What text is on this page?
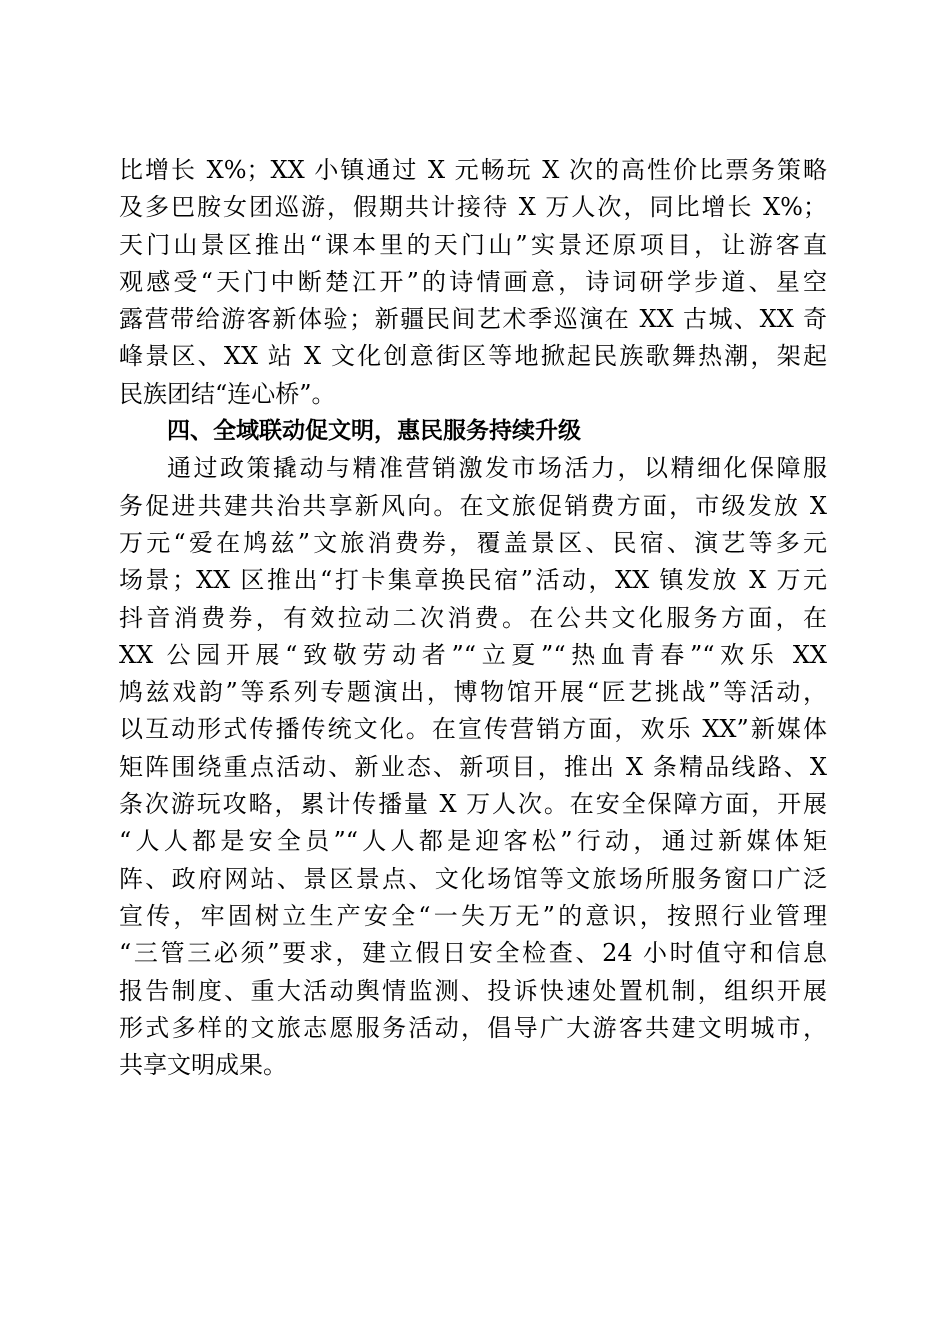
比增长 X%；XX 小镇通过 X 元畅玩 X 次的高性价比票务策略
及多巴胺女团巡游，假期共计接待 X 万人次，同比增长 X%；
天门山景区推出“课本里的天门山”实景还原项目，让游客直
观感受“天门中断楚江开”的诗情画意，诗词研学步道、星空
露营带给游客新体验；新疆民间艺术季巡演在 XX 古城、XX 奇
峰景区、XX 站 X 文化创意街区等地掀起民族歌舞热潮，架起
民族团结“连心桥”。
四、全域联动促文明，惠民服务持续升级
通过政策撬动与精准营销激发市场活力，以精细化保障服
务促进共建共治共享新风向。在文旅促销费方面，市级发放 X
万元“爱在鸠兹”文旅消费券，覆盖景区、民宿、演艺等多元
场景；XX 区推出“打卡集章换民宿”活动，XX 镇发放 X 万元
抖音消费券，有效拉动二次消费。在公共文化服务方面，在
XX 公园开展“致敬劳动者”“立夏”“热血青春”“欢乐 XX
鸠兹戏韵”等系列专题演出，博物馆开展“匠艺挑战”等活动，
以互动形式传播传统文化。在宣传营销方面，欢乐 XX”新媒体
矩阵围绕重点活动、新业态、新项目，推出 X 条精品线路、X
条次游玩攻略，累计传播量 X 万人次。在安全保障方面，开展
“人人都是安全员”“人人都是迎客松”行动，通过新媒体矩
阵、政府网站、景区景点、文化场馆等文旅场所服务窗口广泛
宣传，牢固树立生产安全“一失万无”的意识，按照行业管理
“三管三必须”要求，建立假日安全检查、24 小时值守和信息
报告制度、重大活动舆情监测、投诉快速处置机制，组织开展
形式多样的文旅志愿服务活动，倡导广大游客共建文明城市，
共享文明成果。
